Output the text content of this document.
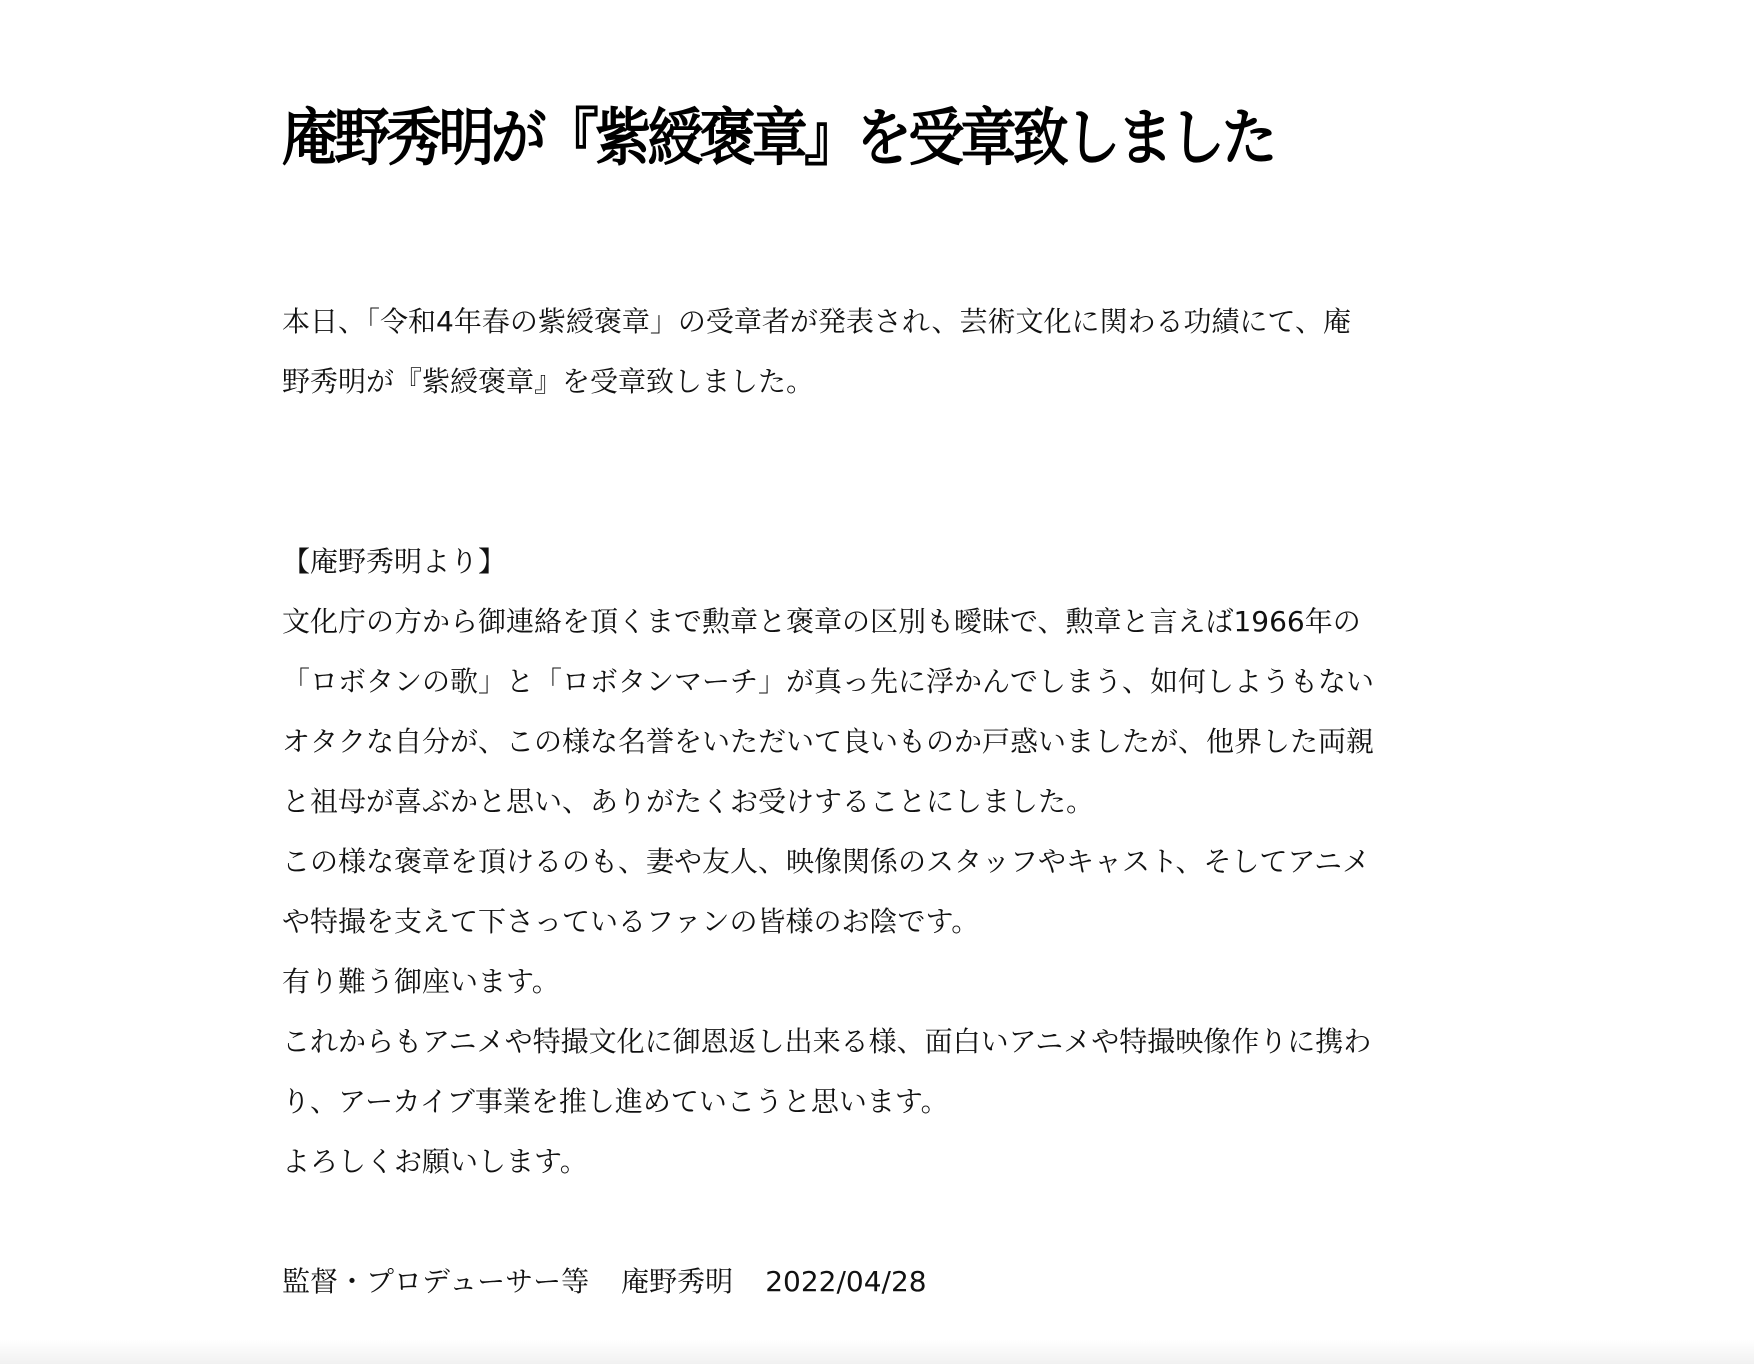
庵野秀明が『紫綬褒章』を受章致しました

本日、「令和4年春の紫綬褒章」の受章者が発表され、芸術文化に関わる功績にて、庵

野秀明が『紫綬褒章』を受章致しました。

【庵野秀明より】

文化庁の方から御連絡を頂くまで勲章と褒章の区別も曖昧で、勲章と言えば1966年の

「ロボタンの歌」と「ロボタンマーチ」が真っ先に浮かんでしまう、如何しようもない

オタクな自分が、この様な名誉をいただいて良いものか戸惑いましたが、他界した両親

と祖母が喜ぶかと思い、ありがたくお受けすることにしました。

この様な褒章を頂けるのも、妻や友人、映像関係のスタッフやキャスト、そしてアニメ

や特撮を支えて下さっているファンの皆様のお陰です。

有り難う御座います。

これからもアニメや特撮文化に御恩返し出来る様、面白いアニメや特撮映像作りに携わ

り、アーカイブ事業を推し進めていこうと思います。

よろしくお願いします。

監督・プロデューサー等 庵野秀明 2022/04/28
